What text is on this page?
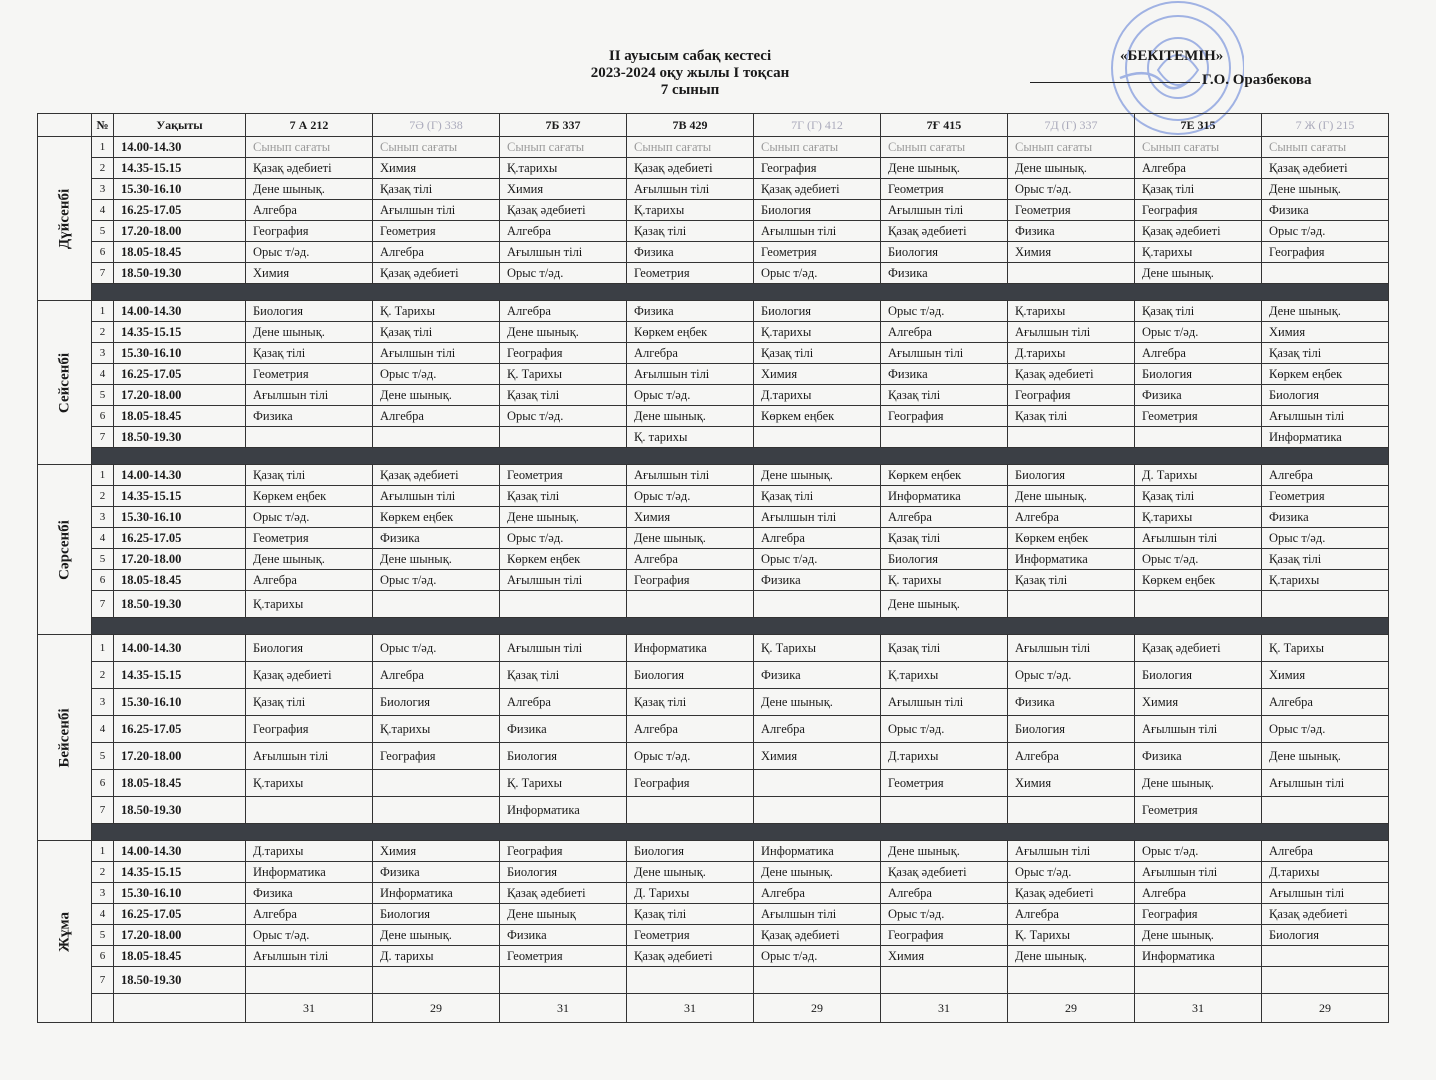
II ауысым сабақ кестесі
2023-2024 оқу жылы І тоқсан
7 сынып
«БЕКІТЕМІН»
Г.О. Оразбекова
	№	Уақыты	7 А 212	7Ә (Г) 338	7Б 337	7В 429	7Г (Г) 412	7Ғ 415	7Д (Г) 337	7Е 315	7 Ж (Г) 215

Дүйсенбі	1	14.00-14.30	Сынып сағаты	Сынып сағаты	Сынып сағаты	Сынып сағаты	Сынып сағаты	Сынып сағаты	Сынып сағаты	Сынып сағаты	Сынып сағаты
	2	14.35-15.15	Қазақ әдебиеті	Химия	Қ.тарихы	Қазақ әдебиеті	География	Дене шынық.	Дене шынық.	Алгебра	Қазақ әдебиеті
	3	15.30-16.10	Дене шынық.	Қазақ тілі	Химия	Ағылшын тілі	Қазақ әдебиеті	Геометрия	Орыс т/əд.	Қазақ тілі	Дене шынық.
	4	16.25-17.05	Алгебра	Ағылшын тілі	Қазақ әдебиеті	Қ.тарихы	Биология	Ағылшын тілі	Геометрия	География	Физика
	5	17.20-18.00	География	Геометрия	Алгебра	Қазақ тілі	Ағылшын тілі	Қазақ әдебиеті	Физика	Қазақ әдебиеті	Орыс т/əд.
	6	18.05-18.45	Орыс т/əд.	Алгебра	Ағылшын тілі	Физика	Геометрия	Биология	Химия	Қ.тарихы	География
	7	18.50-19.30	Химия	Қазақ әдебиеті	Орыс т/əд.	Геометрия	Орыс т/əд.	Физика		Дене шынық.	

Сейсенбі	1	14.00-14.30	Биология	Қ. Тарихы	Алгебра	Физика	Биология	Орыс т/əд.	Қ.тарихы	Қазақ тілі	Дене шынық.
	2	14.35-15.15	Дене шынық.	Қазақ тілі	Дене шынық.	Көркем еңбек	Қ.тарихы	Алгебра	Ағылшын тілі	Орыс т/əд.	Химия
	3	15.30-16.10	Қазақ тілі	Ағылшын тілі	География	Алгебра	Қазақ тілі	Ағылшын тілі	Д.тарихы	Алгебра	Қазақ тілі
	4	16.25-17.05	Геометрия	Орыс т/əд.	Қ. Тарихы	Ағылшын тілі	Химия	Физика	Қазақ әдебиеті	Биология	Көркем еңбек
	5	17.20-18.00	Ағылшын тілі	Дене шынық.	Қазақ тілі	Орыс т/əд.	Д.тарихы	Қазақ тілі	География	Физика	Биология
	6	18.05-18.45	Физика	Алгебра	Орыс т/əд.	Дене шынық.	Көркем еңбек	География	Қазақ тілі	Геометрия	Ағылшын тілі
	7	18.50-19.30				Қ. тарихы					Информатика

Сәрсенбі	1	14.00-14.30	Қазақ тілі	Қазақ әдебиеті	Геометрия	Ағылшын тілі	Дене шынық.	Көркем еңбек	Биология	Д. Тарихы	Алгебра
	2	14.35-15.15	Көркем еңбек	Ағылшын тілі	Қазақ тілі	Орыс т/əд.	Қазақ тілі	Информатика	Дене шынық.	Қазақ тілі	Геометрия
	3	15.30-16.10	Орыс т/əд.	Көркем еңбек	Дене шынық.	Химия	Ағылшын тілі	Алгебра	Алгебра	Қ.тарихы	Физика
	4	16.25-17.05	Геометрия	Физика	Орыс т/əд.	Дене шынық.	Алгебра	Қазақ тілі	Көркем еңбек	Ағылшын тілі	Орыс т/əд.
	5	17.20-18.00	Дене шынық.	Дене шынық.	Көркем еңбек	Алгебра	Орыс т/əд.	Биология	Информатика	Орыс т/əд.	Қазақ тілі
	6	18.05-18.45	Алгебра	Орыс т/əд.	Ағылшын тілі	География	Физика	Қ. тарихы	Қазақ тілі	Көркем еңбек	Қ.тарихы
	7	18.50-19.30	Қ.тарихы					Дене шынық.			

Бейсенбі	1	14.00-14.30	Биология	Орыс т/əд.	Ағылшын тілі	Информатика	Қ. Тарихы	Қазақ тілі	Ағылшын тілі	Қазақ әдебиеті	Қ. Тарихы
	2	14.35-15.15	Қазақ әдебиеті	Алгебра	Қазақ тілі	Биология	Физика	Қ.тарихы	Орыс т/əд.	Биология	Химия
	3	15.30-16.10	Қазақ тілі	Биология	Алгебра	Қазақ тілі	Дене шынық.	Ағылшын тілі	Физика	Химия	Алгебра
	4	16.25-17.05	География	Қ.тарихы	Физика	Алгебра	Алгебра	Орыс т/əд.	Биология	Ағылшын тілі	Орыс т/əд.
	5	17.20-18.00	Ағылшын тілі	География	Биология	Орыс т/əд.	Химия	Д.тарихы	Алгебра	Физика	Дене шынық.
	6	18.05-18.45	Қ.тарихы		Қ. Тарихы	География		Геометрия	Химия	Дене шынық.	Ағылшын тілі
	7	18.50-19.30			Информатика					Геометрия	

Жұма	1	14.00-14.30	Д.тарихы	Химия	География	Биология	Информатика	Дене шынық.	Ағылшын тілі	Орыс т/əд.	Алгебра
	2	14.35-15.15	Информатика	Физика	Биология	Дене шынық.	Дене шынық.	Қазақ әдебиеті	Орыс т/əд.	Ағылшын тілі	Д.тарихы
	3	15.30-16.10	Физика	Информатика	Қазақ әдебиеті	Д. Тарихы	Алгебра	Алгебра	Қазақ әдебиеті	Алгебра	Ағылшын тілі
	4	16.25-17.05	Алгебра	Биология	Дене шынық	Қазақ тілі	Ағылшын тілі	Орыс т/əд.	Алгебра	География	Қазақ әдебиеті
	5	17.20-18.00	Орыс т/əд.	Дене шынық.	Физика	Геометрия	Қазақ әдебиеті	География	Қ. Тарихы	Дене шынық.	Биология
	6	18.05-18.45	Ағылшын тілі	Д. тарихы	Геометрия	Қазақ әдебиеті	Орыс т/əд.	Химия	Дене шынық.	Информатика	
	7	18.50-19.30									
			31	29	31	31	29	31	29	31	29
